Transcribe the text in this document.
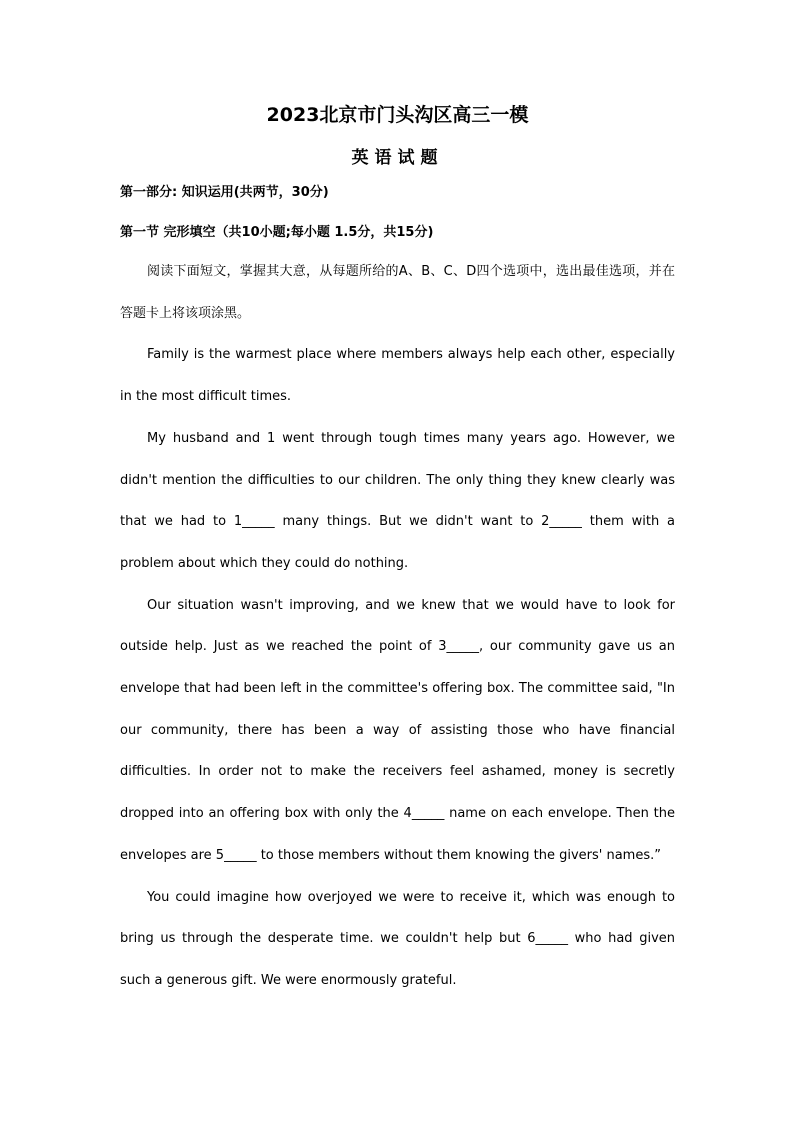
2023北京市门头沟区高三一模
英语试题

第一部分: 知识运用(共两节，30分)

第一节 完形填空（共10小题;每小题 1.5分，共15分)

阅读下面短文，掌握其大意，从每题所给的A、B、C、D四个选项中，选出最佳选项，并在答题卡上将该项涂黑。

Family is the warmest place where members always help each other, especially in the most difficult times.

My husband and 1 went through tough times many years ago. However, we didn't mention the difficulties to our children. The only thing they knew clearly was that we had to 1_____ many things. But we didn't want to 2_____ them with a problem about which they could do nothing.

Our situation wasn't improving, and we knew that we would have to look for outside help. Just as we reached the point of 3_____, our community gave us an envelope that had been left in the committee's offering box. The committee said, "In our community, there has been a way of assisting those who have financial difficulties. In order not to make the receivers feel ashamed, money is secretly dropped into an offering box with only the 4_____ name on each envelope. Then the envelopes are 5_____ to those members without them knowing the givers' names.”

You could imagine how overjoyed we were to receive it, which was enough to bring us through the desperate time. we couldn't help but 6_____ who had given such a generous gift. We were enormously grateful.
